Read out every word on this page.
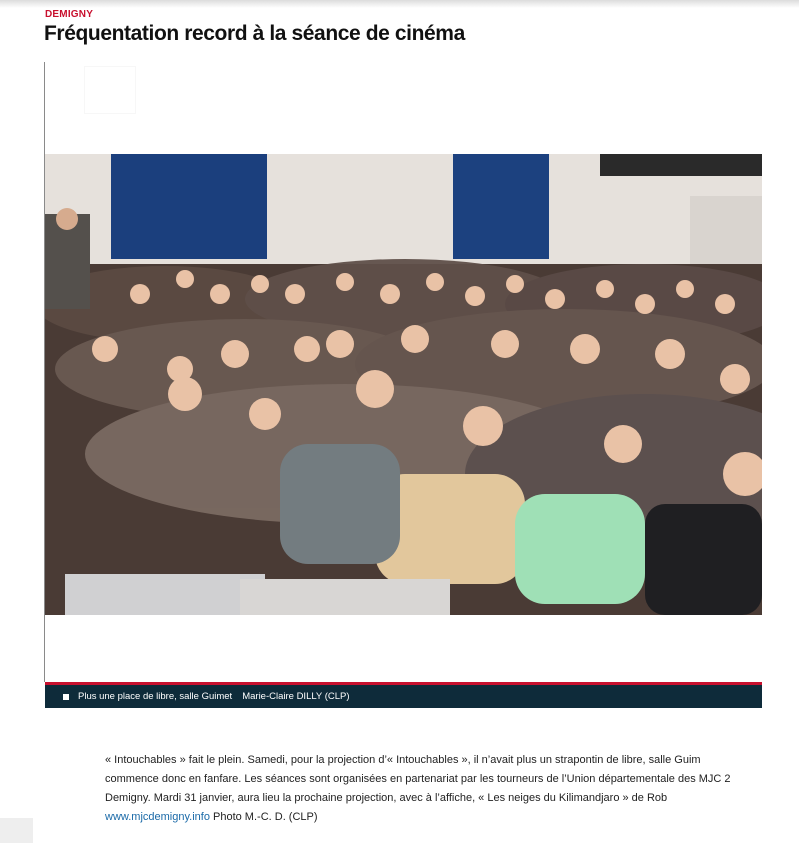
DEMIGNY
Fréquentation record à la séance de cinéma
Plus une place de libre, salle Guimet Marie-Claire DILLY (CLP)
« Intouchables » fait le plein. Samedi, pour la projection d’« Intouchables », il n’avait plus un strapontin de libre, salle Guim
commence donc en fanfare. Les séances sont organisées en partenariat par les tourneurs de l’Union départementale des MJC 2
Demigny. Mardi 31 janvier, aura lieu la prochaine projection, avec à l’affiche, « Les neiges du Kilimandjaro » de Rob
www.mjcdemigny.info Photo M.-C. D. (CLP)
